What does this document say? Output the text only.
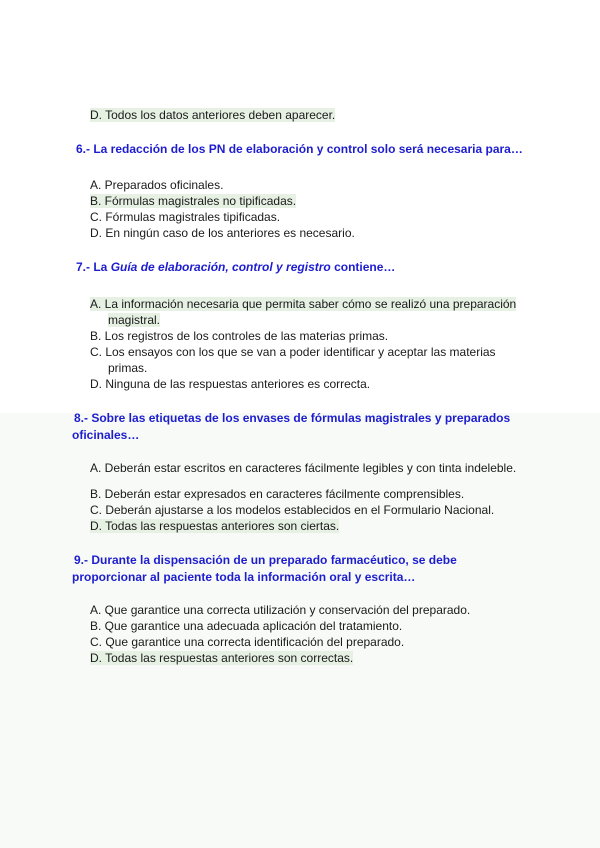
D. Todos los datos anteriores deben aparecer.
6.- La redacción de los PN de elaboración y control solo será necesaria para…
A. Preparados oficinales.
B. Fórmulas magistrales no tipificadas.
C. Fórmulas magistrales tipificadas.
D. En ningún caso de los anteriores es necesario.
7.- La Guía de elaboración, control y registro contiene…
A. La información necesaria que permita saber cómo se realizó una preparación
magistral.
B. Los registros de los controles de las materias primas.
C. Los ensayos con los que se van a poder identificar y aceptar las materias
primas.
D. Ninguna de las respuestas anteriores es correcta.
8.- Sobre las etiquetas de los envases de fórmulas magistrales y preparados
oficinales…
A. Deberán estar escritos en caracteres fácilmente legibles y con tinta indeleble.
B. Deberán estar expresados en caracteres fácilmente comprensibles.
C. Deberán ajustarse a los modelos establecidos en el Formulario Nacional.
D. Todas las respuestas anteriores son ciertas.
9.- Durante la dispensación de un preparado farmacéutico, se debe
proporcionar al paciente toda la información oral y escrita…
A. Que garantice una correcta utilización y conservación del preparado.
B. Que garantice una adecuada aplicación del tratamiento.
C. Que garantice una correcta identificación del preparado.
D. Todas las respuestas anteriores son correctas.
